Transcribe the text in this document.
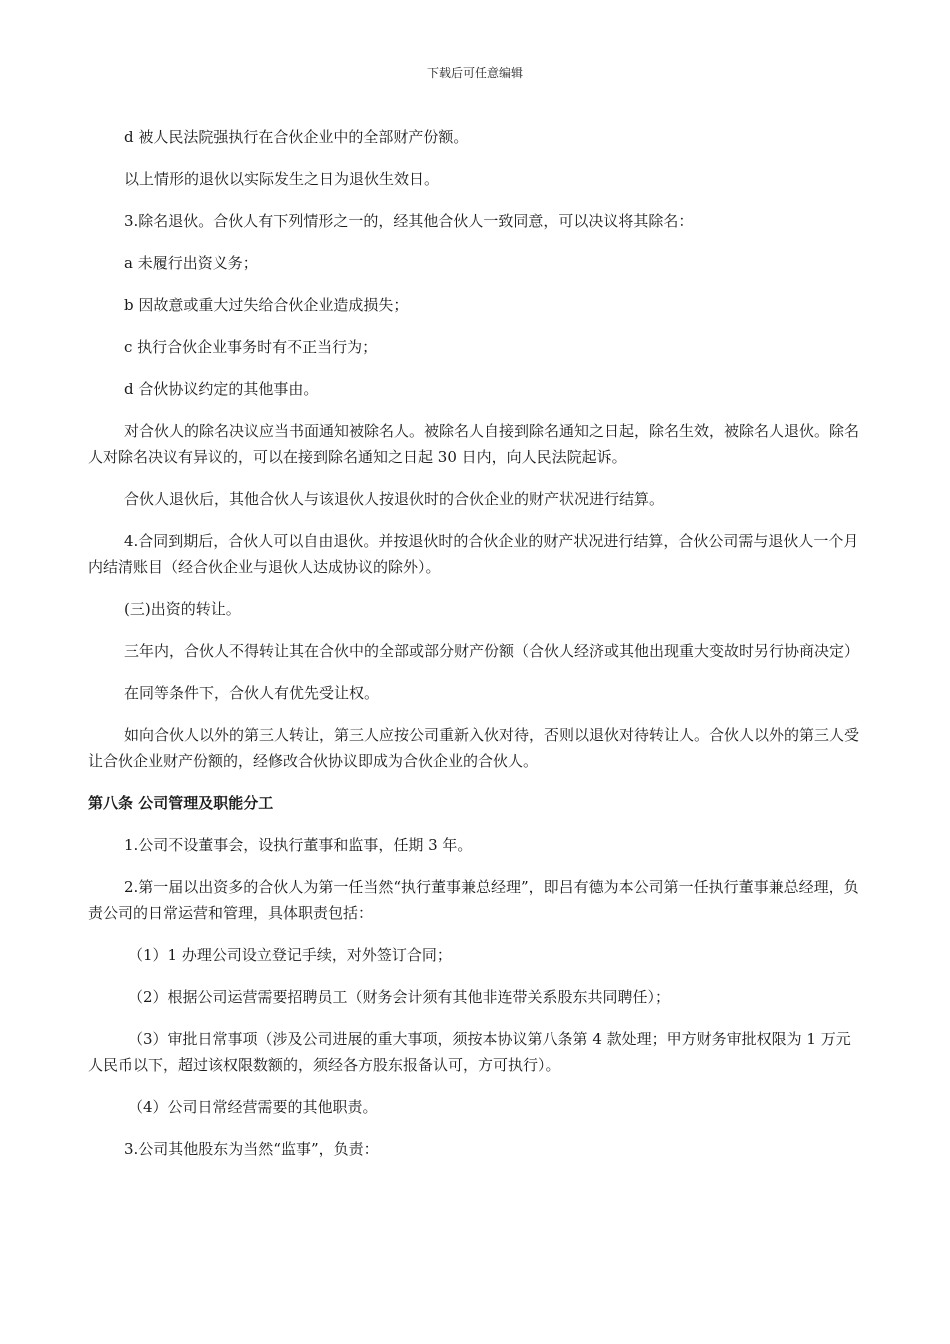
下载后可任意编辑

d 被人民法院强执行在合伙企业中的全部财产份额。

以上情形的退伙以实际发生之日为退伙生效日。

3.除名退伙。合伙人有下列情形之一的，经其他合伙人一致同意，可以决议将其除名：

a 未履行出资义务；

b 因故意或重大过失给合伙企业造成损失；

c 执行合伙企业事务时有不正当行为；

d 合伙协议约定的其他事由。

对合伙人的除名决议应当书面通知被除名人。被除名人自接到除名通知之日起，除名生效，被除名人退伙。除名人对除名决议有异议的，可以在接到除名通知之日起 30 日内，向人民法院起诉。

合伙人退伙后，其他合伙人与该退伙人按退伙时的合伙企业的财产状况进行结算。

4.合同到期后，合伙人可以自由退伙。并按退伙时的合伙企业的财产状况进行结算，合伙公司需与退伙人一个月内结清账目（经合伙企业与退伙人达成协议的除外）。

(三)出资的转让。

三年内，合伙人不得转让其在合伙中的全部或部分财产份额（合伙人经济或其他出现重大变故时另行协商决定）

在同等条件下，合伙人有优先受让权。

如向合伙人以外的第三人转让，第三人应按公司重新入伙对待，否则以退伙对待转让人。合伙人以外的第三人受让合伙企业财产份额的，经修改合伙协议即成为合伙企业的合伙人。

第八条 公司管理及职能分工

1.公司不设董事会，设执行董事和监事，任期 3 年。

2.第一届以出资多的合伙人为第一任当然“执行董事兼总经理”，即吕有德为本公司第一任执行董事兼总经理，负责公司的日常运营和管理，具体职责包括：

（1）1 办理公司设立登记手续，对外签订合同；

（2）根据公司运营需要招聘员工（财务会计须有其他非连带关系股东共同聘任）；

（3）审批日常事项（涉及公司进展的重大事项，须按本协议第八条第 4 款处理；甲方财务审批权限为 1 万元人民币以下，超过该权限数额的，须经各方股东报备认可，方可执行）。

（4）公司日常经营需要的其他职责。

3.公司其他股东为当然“监事”，负责：
